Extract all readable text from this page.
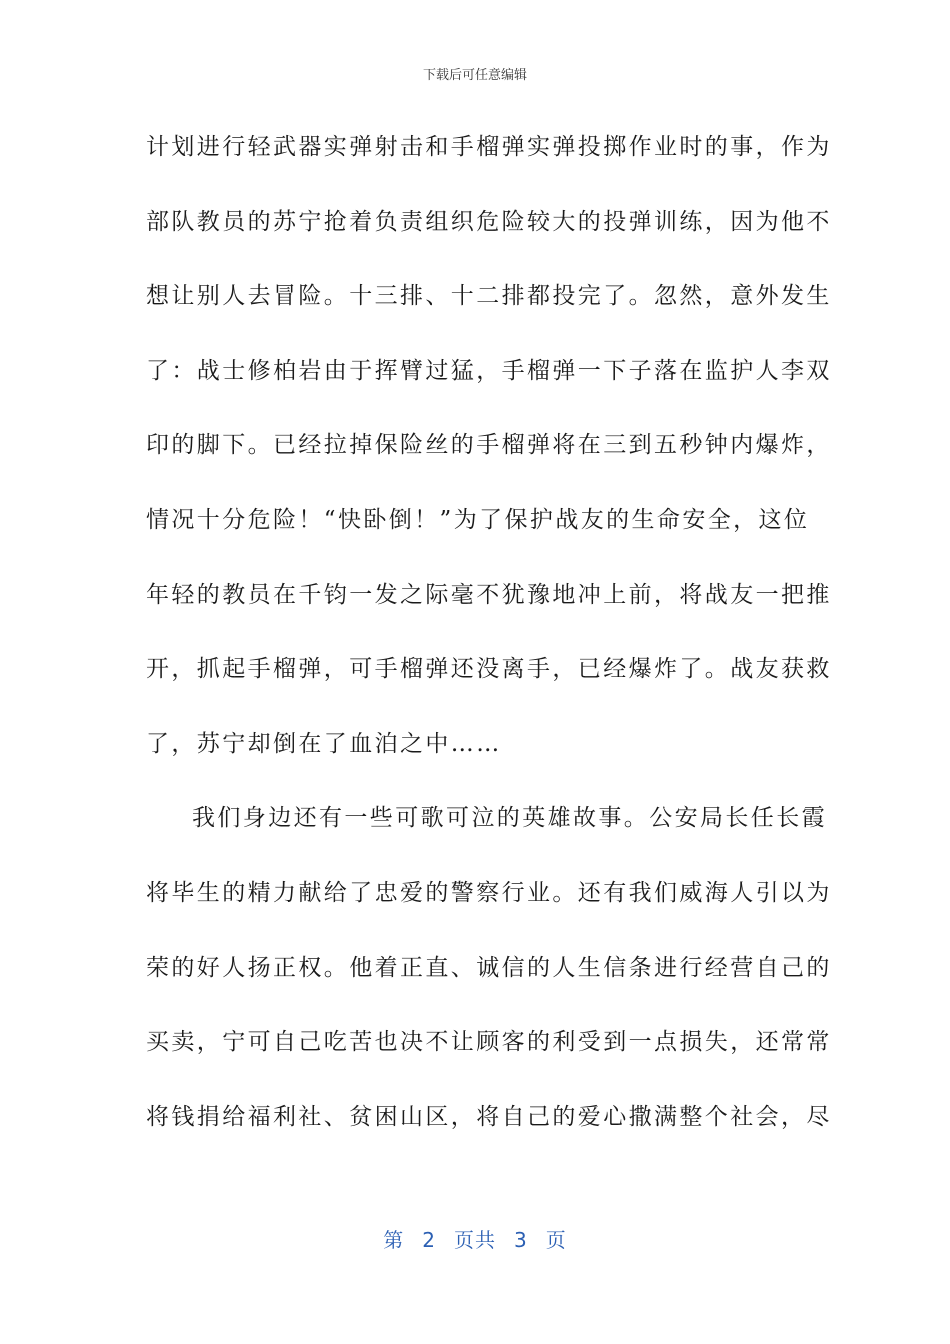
下载后可任意编辑
计划进行轻武器实弹射击和手榴弹实弹投掷作业时的事，作为
部队教员的苏宁抢着负责组织危险较大的投弹训练，因为他不
想让别人去冒险。十三排、十二排都投完了。忽然，意外发生
了：战士修柏岩由于挥臂过猛，手榴弹一下子落在监护人李双
印的脚下。已经拉掉保险丝的手榴弹将在三到五秒钟内爆炸，
情况十分危险！“快卧倒！”为了保护战友的生命安全，这位
年轻的教员在千钧一发之际毫不犹豫地冲上前，将战友一把推
开，抓起手榴弹，可手榴弹还没离手，已经爆炸了。战友获救
了，苏宁却倒在了血泊之中……
我们身边还有一些可歌可泣的英雄故事。公安局长任长霞
将毕生的精力献给了忠爱的警察行业。还有我们威海人引以为
荣的好人扬正权。他着正直、诚信的人生信条进行经营自己的
买卖，宁可自己吃苦也决不让顾客的利受到一点损失，还常常
将钱捐给福利社、贫困山区，将自己的爱心撒满整个社会，尽
第 2 页共 3 页
